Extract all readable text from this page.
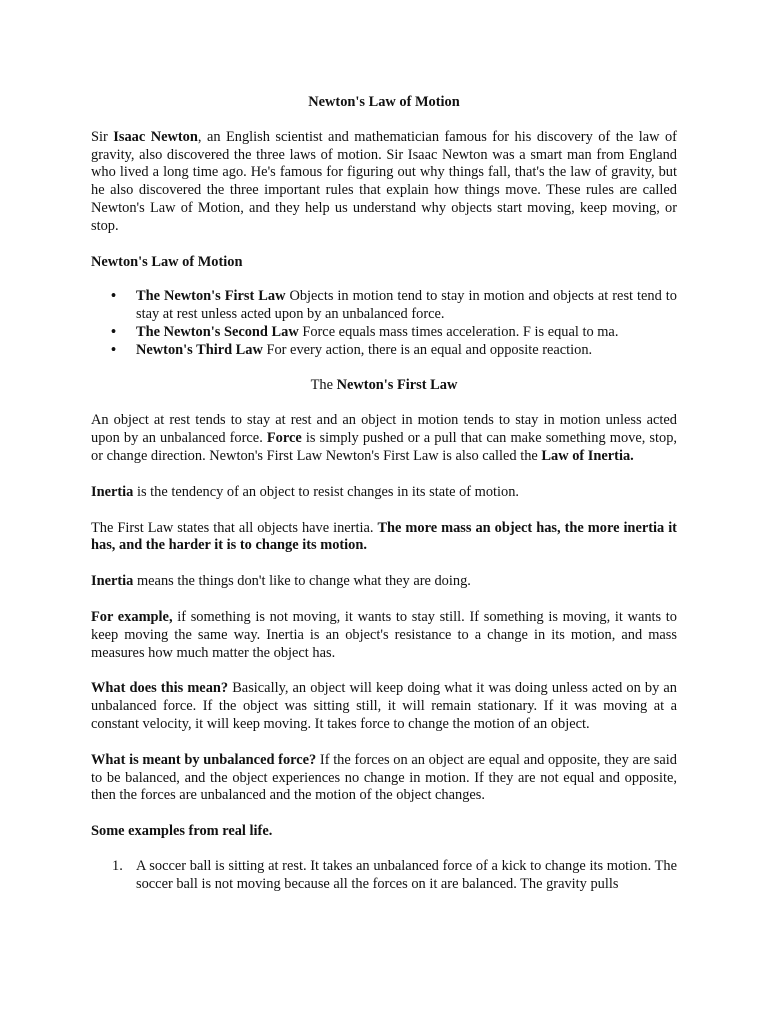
Newton's Law of Motion

Sir Isaac Newton, an English scientist and mathematician famous for his discovery of the law of gravity, also discovered the three laws of motion. Sir Isaac Newton was a smart man from England who lived a long time ago. He's famous for figuring out why things fall, that's the law of gravity, but he also discovered the three important rules that explain how things move. These rules are called Newton's Law of Motion, and they help us understand why objects start moving, keep moving, or stop.

Newton's Law of Motion
• The Newton's First Law Objects in motion tend to stay in motion and objects at rest tend to stay at rest unless acted upon by an unbalanced force.
• The Newton's Second Law Force equals mass times acceleration. F is equal to ma.
• Newton's Third Law For every action, there is an equal and opposite reaction.

The Newton's First Law

An object at rest tends to stay at rest and an object in motion tends to stay in motion unless acted upon by an unbalanced force. Force is simply pushed or a pull that can make something move, stop, or change direction. Newton's First Law Newton's First Law is also called the Law of Inertia.

Inertia is the tendency of an object to resist changes in its state of motion.

The First Law states that all objects have inertia. The more mass an object has, the more inertia it has, and the harder it is to change its motion.

Inertia means the things don't like to change what they are doing.

For example, if something is not moving, it wants to stay still. If something is moving, it wants to keep moving the same way. Inertia is an object's resistance to a change in its motion, and mass measures how much matter the object has.

What does this mean? Basically, an object will keep doing what it was doing unless acted on by an unbalanced force. If the object was sitting still, it will remain stationary. If it was moving at a constant velocity, it will keep moving. It takes force to change the motion of an object.

What is meant by unbalanced force? If the forces on an object are equal and opposite, they are said to be balanced, and the object experiences no change in motion. If they are not equal and opposite, then the forces are unbalanced and the motion of the object changes.

Some examples from real life.
1. A soccer ball is sitting at rest. It takes an unbalanced force of a kick to change its motion. The soccer ball is not moving because all the forces on it are balanced. The gravity pulls
